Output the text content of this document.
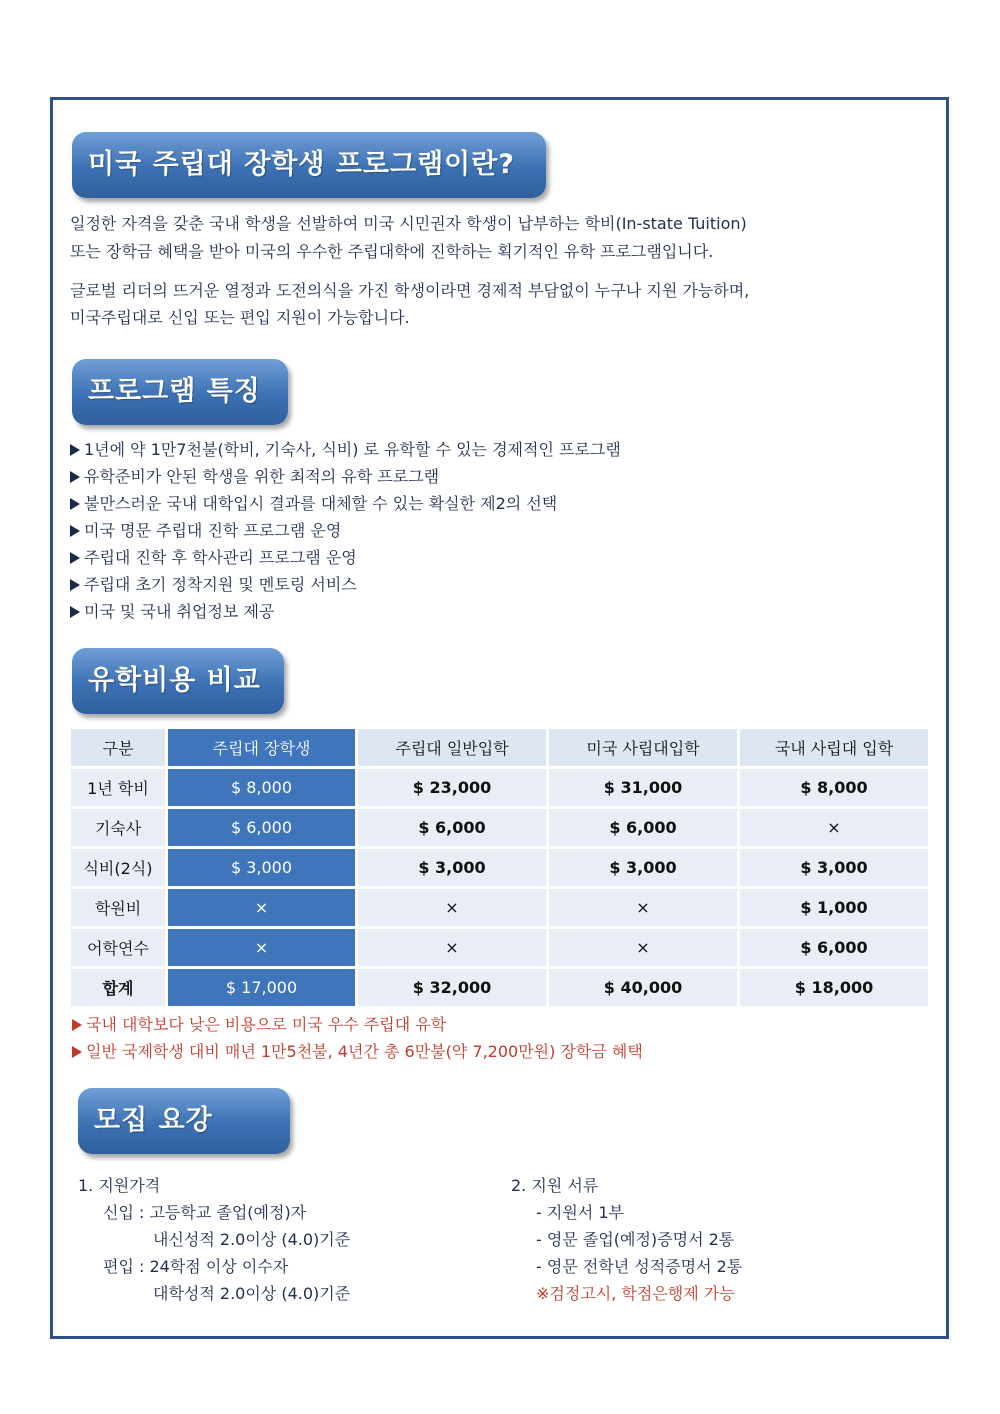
미국 주립대 장학생 프로그램이란?

일정한 자격을 갖춘 국내 학생을 선발하여 미국 시민권자 학생이 납부하는 학비(In-state Tuition)

또는 장학금 혜택을 받아 미국의 우수한 주립대학에 진학하는 획기적인 유학 프로그램입니다.

글로벌 리더의 뜨거운 열정과 도전의식을 가진 학생이라면 경제적 부담없이 누구나 지원 가능하며,

미국주립대로 신입 또는 편입 지원이 가능합니다.

프로그램 특징
1년에 약 1만7천불(학비, 기숙사, 식비) 로 유학할 수 있는 경제적인 프로그램
유학준비가 안된 학생을 위한 최적의 유학 프로그램
불만스러운 국내 대학입시 결과를 대체할 수 있는 확실한 제2의 선택
미국 명문 주립대 진학 프로그램 운영
주립대 진학 후 학사관리 프로그램 운영
주립대 초기 정착지원 및 멘토링 서비스
미국 및 국내 취업정보 제공
유학비용 비교
구분	주립대 장학생	주립대 일반입학	미국 사립대입학	국내 사립대 입학
1년 학비	$ 8,000	$ 23,000	$ 31,000	$ 8,000
기숙사	$ 6,000	$ 6,000	$ 6,000	×
식비(2식)	$ 3,000	$ 3,000	$ 3,000	$ 3,000
학원비	×	×	×	$ 1,000
어학연수	×	×	×	$ 6,000
합계	$ 17,000	$ 32,000	$ 40,000	$ 18,000
국내 대학보다 낮은 비용으로 미국 우수 주립대 유학
일반 국제학생 대비 매년 1만5천불, 4년간 총 6만불(약 7,200만원) 장학금 혜택
모집 요강
1. 지원가격
신입 : 고등학교 졸업(예정)자
내신성적 2.0이상 (4.0)기준
편입 : 24학점 이상 이수자
대학성적 2.0이상 (4.0)기준
2. 지원 서류
- 지원서 1부
- 영문 졸업(예정)증명서 2통
- 영문 전학년 성적증명서 2통
※검정고시, 학점은행제 가능
